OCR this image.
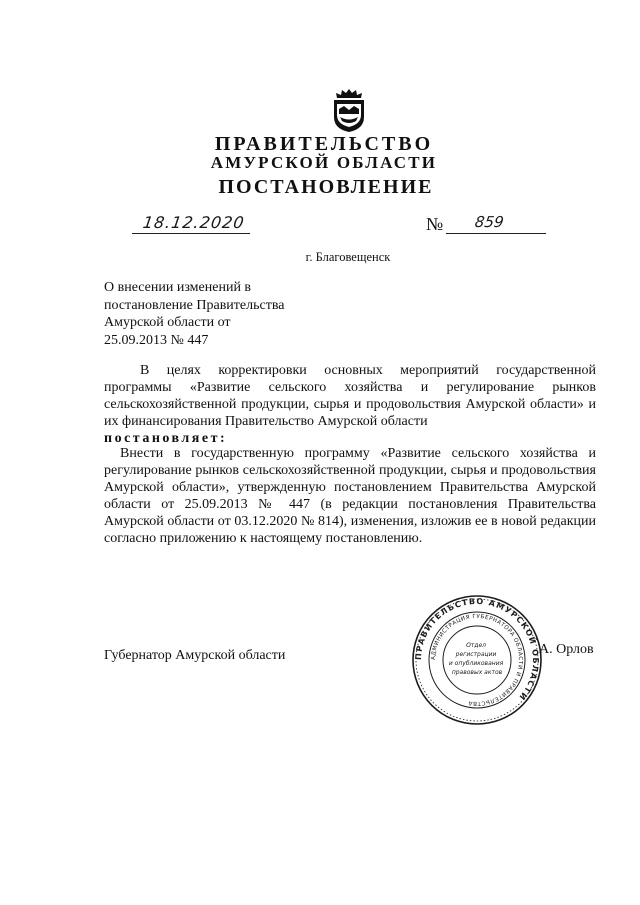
ПРАВИТЕЛЬСТВО
АМУРСКОЙ ОБЛАСТИ
ПОСТАНОВЛЕНИЕ
18.12.2020	№ 859
г. Благовещенск
О внесении изменений в
постановление Правительства
Амурской области от
25.09.2013 № 447
В целях корректировки основных мероприятий государственной программы «Развитие сельского хозяйства и регулирование рынков сельскохозяйственной продукции, сырья и продовольствия Амурской области» и их финансирования Правительство Амурской области
постановляет:
Внести в государственную программу «Развитие сельского хозяйства и регулирование рынков сельскохозяйственной продукции, сырья и продовольствия Амурской области», утвержденную постановлением Правительства Амурской области от 25.09.2013 № 447 (в редакции постановления Правительства Амурской области от 03.12.2020 № 814), изменения, изложив ее в новой редакции согласно приложению к настоящему постановлению.
Губернатор Амурской области	А. Орлов
ПРАВИТЕЛЬСТВО АМУРСКОЙ ОБЛАСТИ
АДМИНИСТРАЦИЯ ГУБЕРНАТОРА ОБЛАСТИ И ПРАВИТЕЛЬСТВА
Отдел регистрации и опубликования правовых актов
